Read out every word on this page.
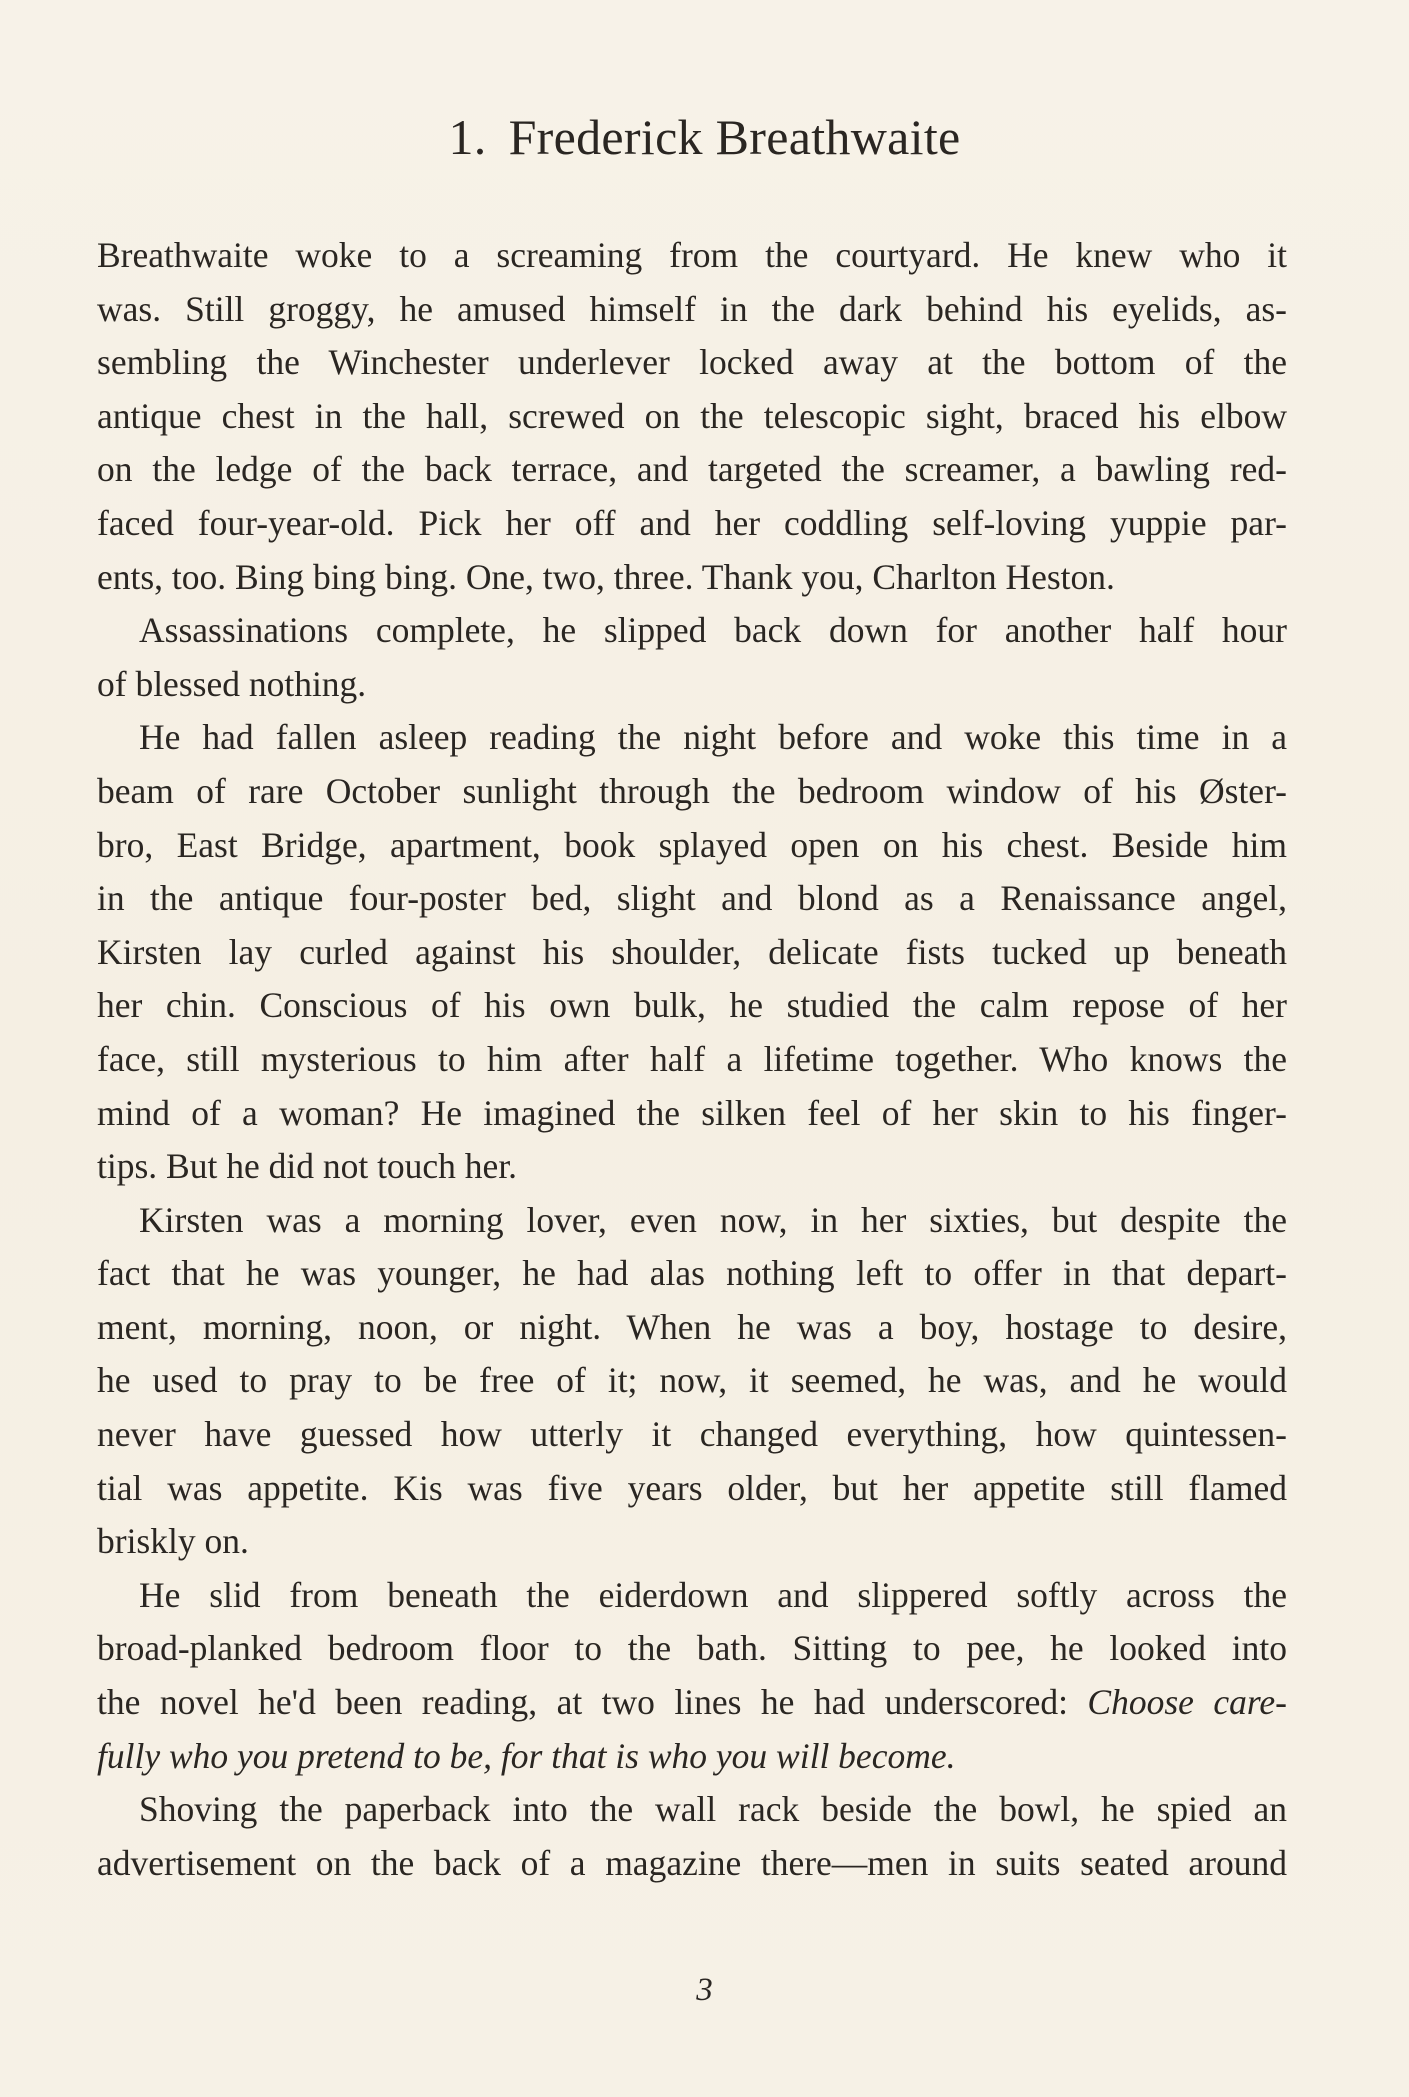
1. Frederick Breathwaite

Breathwaite woke to a screaming from the courtyard. He knew who it

was. Still groggy, he amused himself in the dark behind his eyelids, as-

sembling the Winchester underlever locked away at the bottom of the

antique chest in the hall, screwed on the telescopic sight, braced his elbow

on the ledge of the back terrace, and targeted the screamer, a bawling red-

faced four-year-old. Pick her off and her coddling self-loving yuppie par-

ents, too. Bing bing bing. One, two, three. Thank you, Charlton Heston.

Assassinations complete, he slipped back down for another half hour

of blessed nothing.

He had fallen asleep reading the night before and woke this time in a

beam of rare October sunlight through the bedroom window of his Øster-

bro, East Bridge, apartment, book splayed open on his chest. Beside him

in the antique four-poster bed, slight and blond as a Renaissance angel,

Kirsten lay curled against his shoulder, delicate fists tucked up beneath

her chin. Conscious of his own bulk, he studied the calm repose of her

face, still mysterious to him after half a lifetime together. Who knows the

mind of a woman? He imagined the silken feel of her skin to his finger-

tips. But he did not touch her.

Kirsten was a morning lover, even now, in her sixties, but despite the

fact that he was younger, he had alas nothing left to offer in that depart-

ment, morning, noon, or night. When he was a boy, hostage to desire,

he used to pray to be free of it; now, it seemed, he was, and he would

never have guessed how utterly it changed everything, how quintessen-

tial was appetite. Kis was five years older, but her appetite still flamed

briskly on.

He slid from beneath the eiderdown and slippered softly across the

broad-planked bedroom floor to the bath. Sitting to pee, he looked into

the novel he'd been reading, at two lines he had underscored: Choose care-

fully who you pretend to be, for that is who you will become.

Shoving the paperback into the wall rack beside the bowl, he spied an

advertisement on the back of a magazine there—men in suits seated around

3
